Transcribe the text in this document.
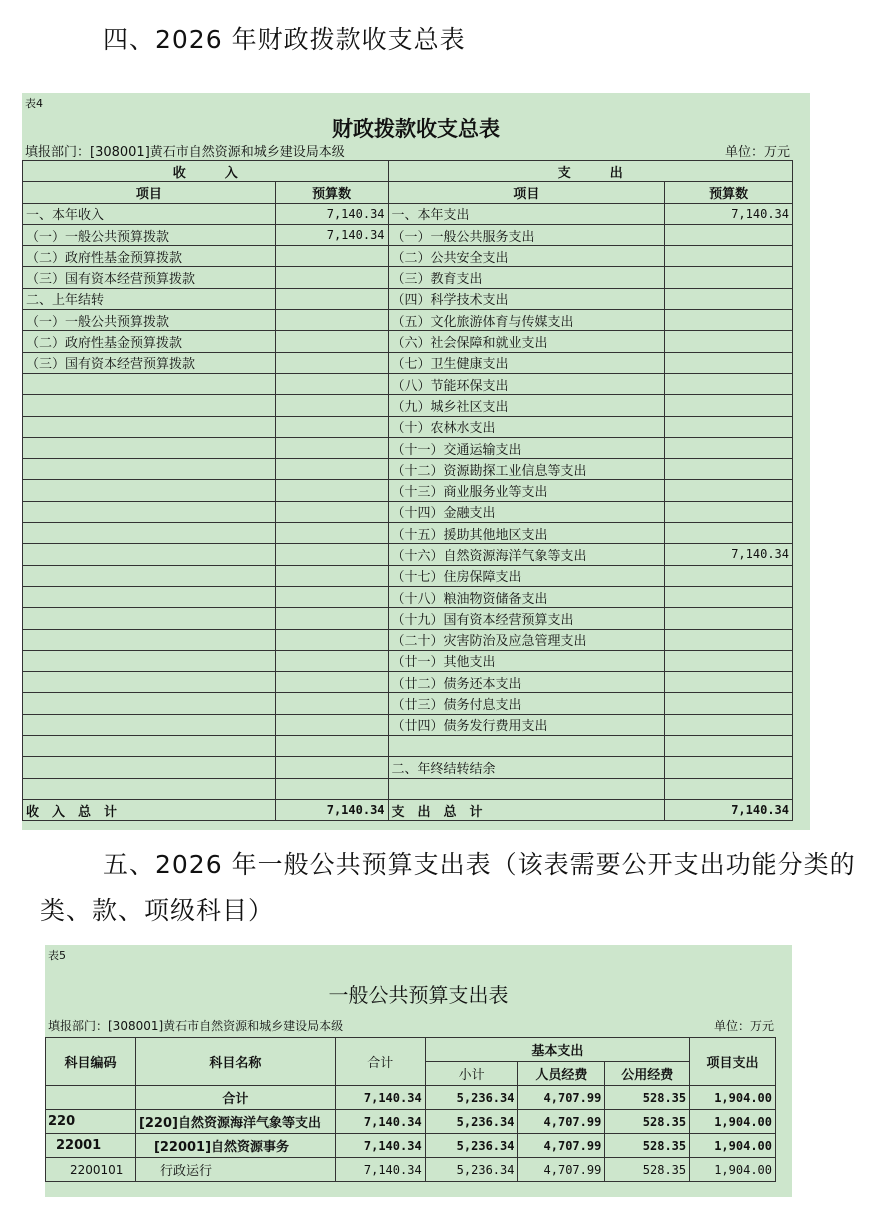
四、2026 年财政拨款收支总表
表4
财政拨款收支总表
填报部门：[308001]黄石市自然资源和城乡建设局本级	单位：万元
收　　　入		支　　　出	
项目	预算数	项目	预算数
一、本年收入	7,140.34	一、本年支出	7,140.34
（一）一般公共预算拨款	7,140.34	（一）一般公共服务支出	
（二）政府性基金预算拨款		（二）公共安全支出	
（三）国有资本经营预算拨款		（三）教育支出	
二、上年结转		（四）科学技术支出	
（一）一般公共预算拨款		（五）文化旅游体育与传媒支出	
（二）政府性基金预算拨款		（六）社会保障和就业支出	
（三）国有资本经营预算拨款		（七）卫生健康支出	
		（八）节能环保支出	
		（九）城乡社区支出	
		（十）农林水支出	
		（十一）交通运输支出	
		（十二）资源勘探工业信息等支出	
		（十三）商业服务业等支出	
		（十四）金融支出	
		（十五）援助其他地区支出	
		（十六）自然资源海洋气象等支出	7,140.34
		（十七）住房保障支出	
		（十八）粮油物资储备支出	
		（十九）国有资本经营预算支出	
		（二十）灾害防治及应急管理支出	
		（廿一）其他支出	
		（廿二）债务还本支出	
		（廿三）债务付息支出	
		（廿四）债务发行费用支出	

		二、年终结转结余	

收　入　总　计	7,140.34	支　出　总　计	7,140.34
五、2026 年一般公共预算支出表（该表需要公开支出功能分类的类、款、项级科目）
表5
一般公共预算支出表
填报部门：[308001]黄石市自然资源和城乡建设局本级	单位：万元
科目编码	科目名称	合计	基本支出			项目支出
			小计	人员经费	公用经费	
	合计	7,140.34	5,236.34	4,707.99	528.35	1,904.00
220	[220]自然资源海洋气象等支出	7,140.34	5,236.34	4,707.99	528.35	1,904.00
22001	[22001]自然资源事务	7,140.34	5,236.34	4,707.99	528.35	1,904.00
2200101	行政运行	7,140.34	5,236.34	4,707.99	528.35	1,904.00
